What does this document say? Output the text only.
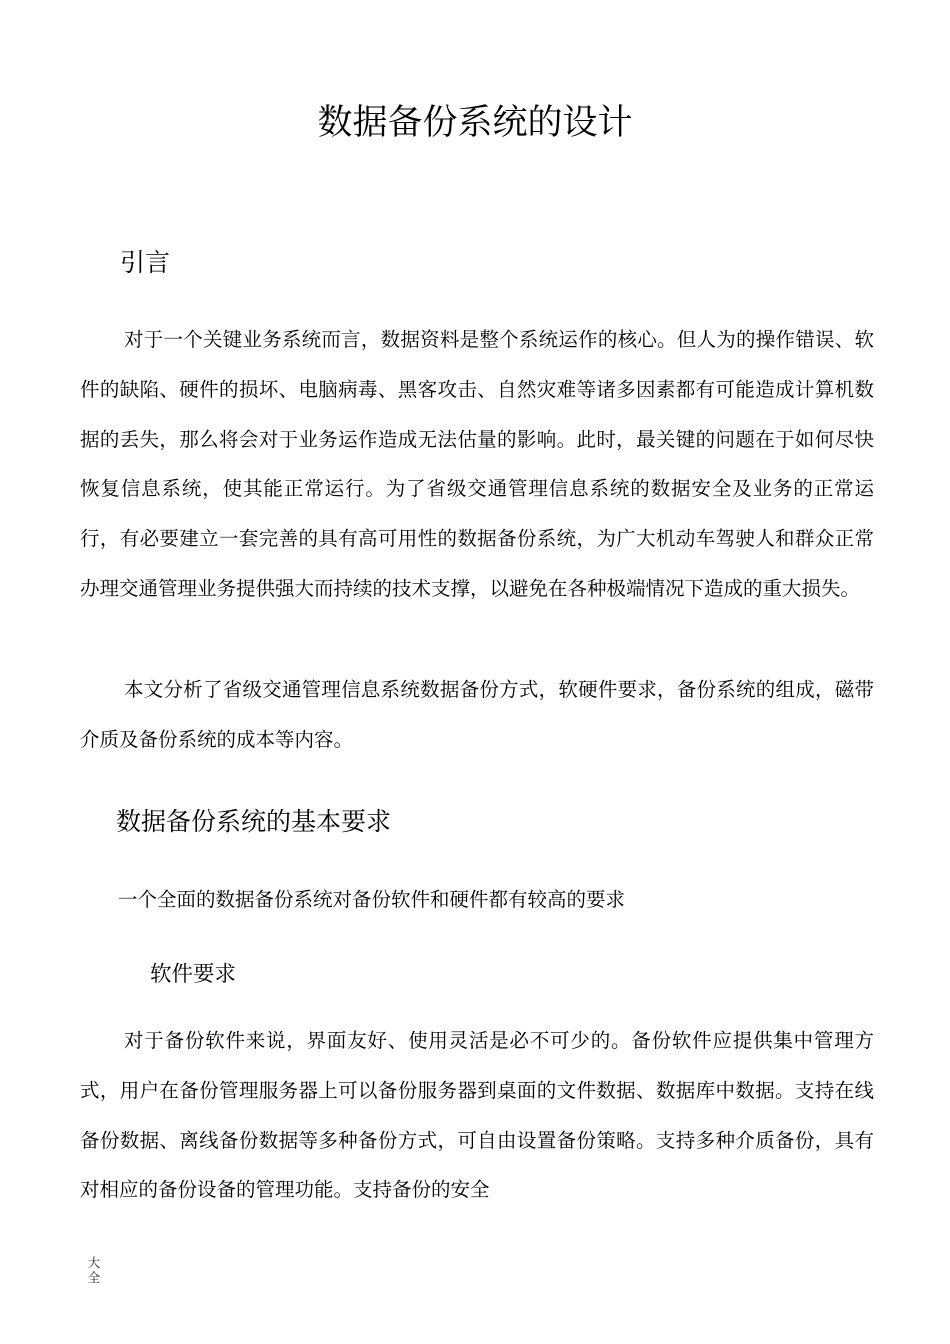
数据备份系统的设计
引言

对于一个关键业务系统而言，数据资料是整个系统运作的核心。但人为的操作错误、软件的缺陷、硬件的损坏、电脑病毒、黑客攻击、自然灾难等诸多因素都有可能造成计算机数据的丢失，那么将会对于业务运作造成无法估量的影响。此时，最关键的问题在于如何尽快恢复信息系统，使其能正常运行。为了省级交通管理信息系统的数据安全及业务的正常运行，有必要建立一套完善的具有高可用性的数据备份系统，为广大机动车驾驶人和群众正常办理交通管理业务提供强大而持续的技术支撑，以避免在各种极端情况下造成的重大损失。

本文分析了省级交通管理信息系统数据备份方式，软硬件要求，备份系统的组成，磁带介质及备份系统的成本等内容。

数据备份系统的基本要求

一个全面的数据备份系统对备份软件和硬件都有较高的要求

软件要求

对于备份软件来说，界面友好、使用灵活是必不可少的。备份软件应提供集中管理方式，用户在备份管理服务器上可以备份服务器到桌面的文件数据、数据库中数据。支持在线备份数据、离线备份数据等多种备份方式，可自由设置备份策略。支持多种介质备份，具有对相应的备份设备的管理功能。支持备份的安全

大
全
